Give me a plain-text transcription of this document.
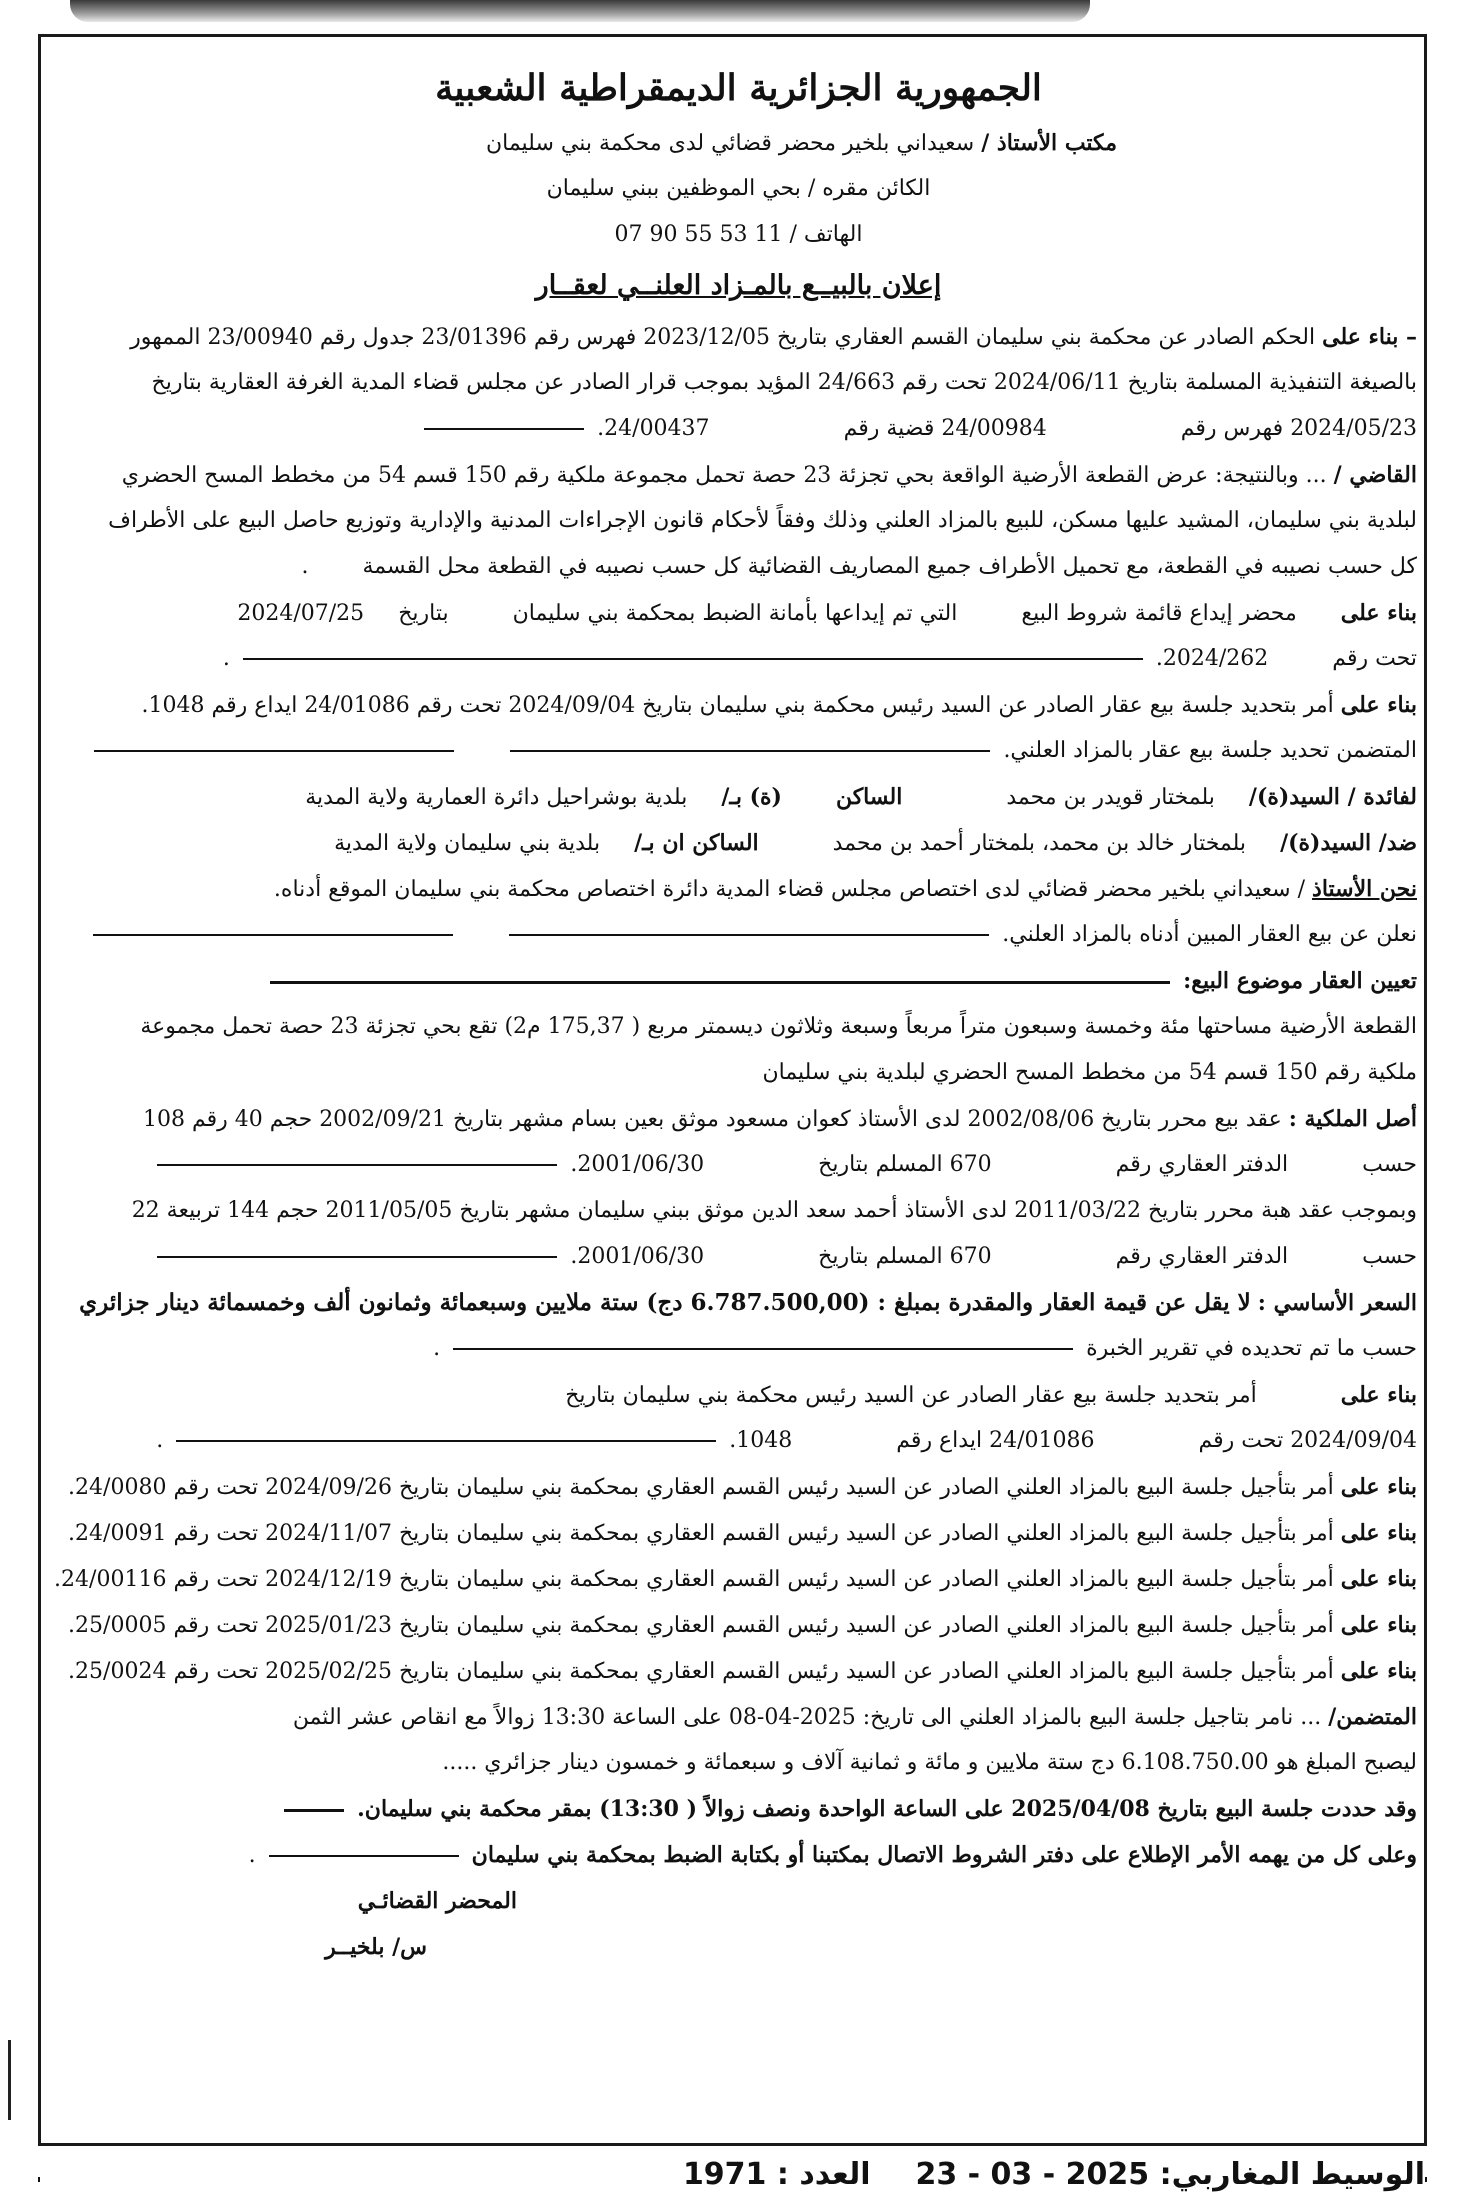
الجمهورية الجزائرية الديمقراطية الشعبية
مكتب الأستاذ / سعيداني بلخير محضر قضائي لدى محكمة بني سليمان
الكائن مقره / بحي الموظفين ببني سليمان
الهاتف / 07 90 55 53 11
إعلان بالبيــع بالمـزاد العلنــي لعقــار
– بناء على الحكم الصادر عن محكمة بني سليمان القسم العقاري بتاريخ 2023/12/05 فهرس رقم 23/01396 جدول رقم 23/00940 الممهور
بالصيغة التنفيذية المسلمة بتاريخ 2024/06/11 تحت رقم 24/663 المؤيد بموجب قرار الصادر عن مجلس قضاء المدية الغرفة العقارية بتاريخ
2024/05/23 فهرس رقم  24/00984 قضية رقم  24/00437.
القاضي / ... وبالنتيجة: عرض القطعة الأرضية الواقعة بحي تجزئة 23 حصة تحمل مجموعة ملكية رقم 150 قسم 54 من مخطط المسح الحضري
لبلدية بني سليمان، المشيد عليها مسكن، للبيع بالمزاد العلني وذلك وفقاً لأحكام قانون الإجراءات المدنية والإدارية وتوزيع حاصل البيع على الأطراف
كل حسب نصيبه في القطعة، مع تحميل الأطراف جميع المصاريف القضائية كل حسب نصيبه في القطعة محل القسمة  .
بناء على  محضر إيداع قائمة شروط البيع  التي تم إيداعها بأمانة الضبط بمحكمة بني سليمان  بتاريخ  2024/07/25
تحت رقم  2024/262.  .
بناء على أمر بتحديد جلسة بيع عقار الصادر عن السيد رئيس محكمة بني سليمان بتاريخ 2024/09/04 تحت رقم 24/01086 ايداع رقم 1048.
المتضمن تحديد جلسة بيع عقار بالمزاد العلني.
لفائدة / السيد(ة)/  بلمختار قويدر بن محمد  الساكن  (ة) بـ/  بلدية بوشراحيل دائرة العمارية ولاية المدية
ضد/ السيد(ة)/  بلمختار خالد بن محمد، بلمختار أحمد بن محمد  الساكن ان بـ/  بلدية بني سليمان ولاية المدية
نحن الأستاذ / سعيداني بلخير محضر قضائي لدى اختصاص مجلس قضاء المدية دائرة اختصاص محكمة بني سليمان الموقع أدناه.
نعلن عن بيع العقار المبين أدناه بالمزاد العلني.
تعيين العقار موضوع البيع:
القطعة الأرضية مساحتها مئة وخمسة وسبعون متراً مربعاً وسبعة وثلاثون ديسمتر مربع ( 175,37 م2) تقع بحي تجزئة 23 حصة تحمل مجموعة
ملكية رقم 150 قسم 54 من مخطط المسح الحضري لبلدية بني سليمان
أصل الملكية : عقد بيع محرر بتاريخ 2002/08/06 لدى الأستاذ كعوان مسعود موثق بعين بسام مشهر بتاريخ 2002/09/21 حجم 40 رقم 108
حسب  الدفتر العقاري رقم  670 المسلم بتاريخ  2001/06/30.
وبموجب عقد هبة محرر بتاريخ 2011/03/22 لدى الأستاذ أحمد سعد الدين موثق ببني سليمان مشهر بتاريخ 2011/05/05 حجم 144 تربيعة 22
حسب  الدفتر العقاري رقم  670 المسلم بتاريخ  2001/06/30.
السعر الأساسي : لا يقل عن قيمة العقار والمقدرة بمبلغ : (6.787.500,00 دج) ستة ملايين وسبعمائة وثمانون ألف وخمسمائة دينار جزائري
حسب ما تم تحديده في تقرير الخبرة  .
بناء على  أمر بتحديد جلسة بيع عقار الصادر عن السيد رئيس محكمة بني سليمان بتاريخ
2024/09/04 تحت رقم  24/01086 ايداع رقم  1048.  .
بناء على أمر بتأجيل جلسة البيع بالمزاد العلني الصادر عن السيد رئيس القسم العقاري بمحكمة بني سليمان بتاريخ 2024/09/26 تحت رقم 24/0080.
بناء على أمر بتأجيل جلسة البيع بالمزاد العلني الصادر عن السيد رئيس القسم العقاري بمحكمة بني سليمان بتاريخ 2024/11/07 تحت رقم 24/0091.
بناء على أمر بتأجيل جلسة البيع بالمزاد العلني الصادر عن السيد رئيس القسم العقاري بمحكمة بني سليمان بتاريخ 2024/12/19 تحت رقم 24/00116.
بناء على أمر بتأجيل جلسة البيع بالمزاد العلني الصادر عن السيد رئيس القسم العقاري بمحكمة بني سليمان بتاريخ 2025/01/23 تحت رقم 25/0005.
بناء على أمر بتأجيل جلسة البيع بالمزاد العلني الصادر عن السيد رئيس القسم العقاري بمحكمة بني سليمان بتاريخ 2025/02/25 تحت رقم 25/0024.
المتضمن/ ... نامر بتاجيل جلسة البيع بالمزاد العلني الى تاريخ: 2025-04-08 على الساعة 13:30 زوالاً مع انقاص عشر الثمن
ليصبح المبلغ هو 6.108.750.00 دج ستة ملايين و مائة و ثمانية آلاف و سبعمائة و خمسون دينار جزائري .....
وقد حددت جلسة البيع بتاريخ 2025/04/08 على الساعة الواحدة ونصف زوالاً ( 13:30) بمقر محكمة بني سليمان.
وعلى كل من يهمه الأمر الإطلاع على دفتر الشروط الاتصال بمكتبنا أو بكتابة الضبط بمحكمة بني سليمان  .
المحضر القضائـي
س/ بلخيــر
الوسيط المغاربي: 23 - 03 - 2025  العدد : 1971
